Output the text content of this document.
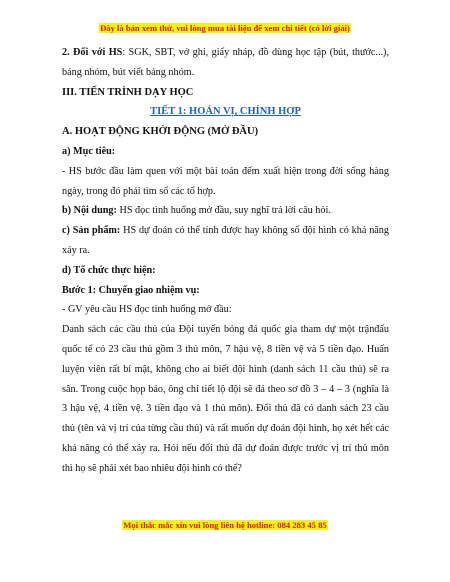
Đây là bản xem thử, vui lòng mua tài liệu để xem chi tiết (có lời giải)

2. Đối với HS: SGK, SBT, vở ghi, giấy nháp, đồ dùng học tập (bút, thước...), bảng nhóm, bút viết bảng nhóm.

III. TIẾN TRÌNH DẠY HỌC

TIẾT 1: HOÁN VỊ, CHỈNH HỢP

A. HOẠT ĐỘNG KHỞI ĐỘNG (MỞ ĐẦU)

a) Mục tiêu:

- HS bước đầu làm quen với một bài toán đếm xuất hiện trong đời sống hàng ngày, trong đó phải tìm số các tổ hợp.

b) Nội dung: HS đọc tình huống mở đầu, suy nghĩ trả lời câu hỏi.

c) Sản phẩm: HS dự đoán có thể tính được hay không số đội hình có khả năng xảy ra.

d) Tổ chức thực hiện:

Bước 1: Chuyển giao nhiệm vụ:

- GV yêu cầu HS đọc tình huống mở đầu:

Danh sách các cầu thủ của Đội tuyển bóng đá quốc gia tham dự một trậnđấu quốc tế có 23 cầu thủ gồm 3 thủ môn, 7 hậu vệ, 8 tiền vệ và 5 tiền đạo. Huấn luyện viên rất bí mật, không cho ai biết đội hình (danh sách 11 cầu thủ) sẽ ra sân. Trong cuộc họp báo, ông chỉ tiết lộ đội sẽ đá theo sơ đồ 3 – 4 – 3 (nghĩa là 3 hậu vệ, 4 tiền vệ. 3 tiền đạo và 1 thủ môn). Đối thủ đã có danh sách 23 cầu thủ (tên và vị trí của từng cầu thủ) và rất muốn dự đoán đội hình, họ xét hết các khả năng có thể xảy ra. Hỏi nếu đối thủ đã dự đoán được trước vị trí thủ môn thì họ sẽ phải xét bao nhiêu đội hình có thể?

Mọi thắc mắc xin vui lòng liên hệ hotline: 084 283 45 85
